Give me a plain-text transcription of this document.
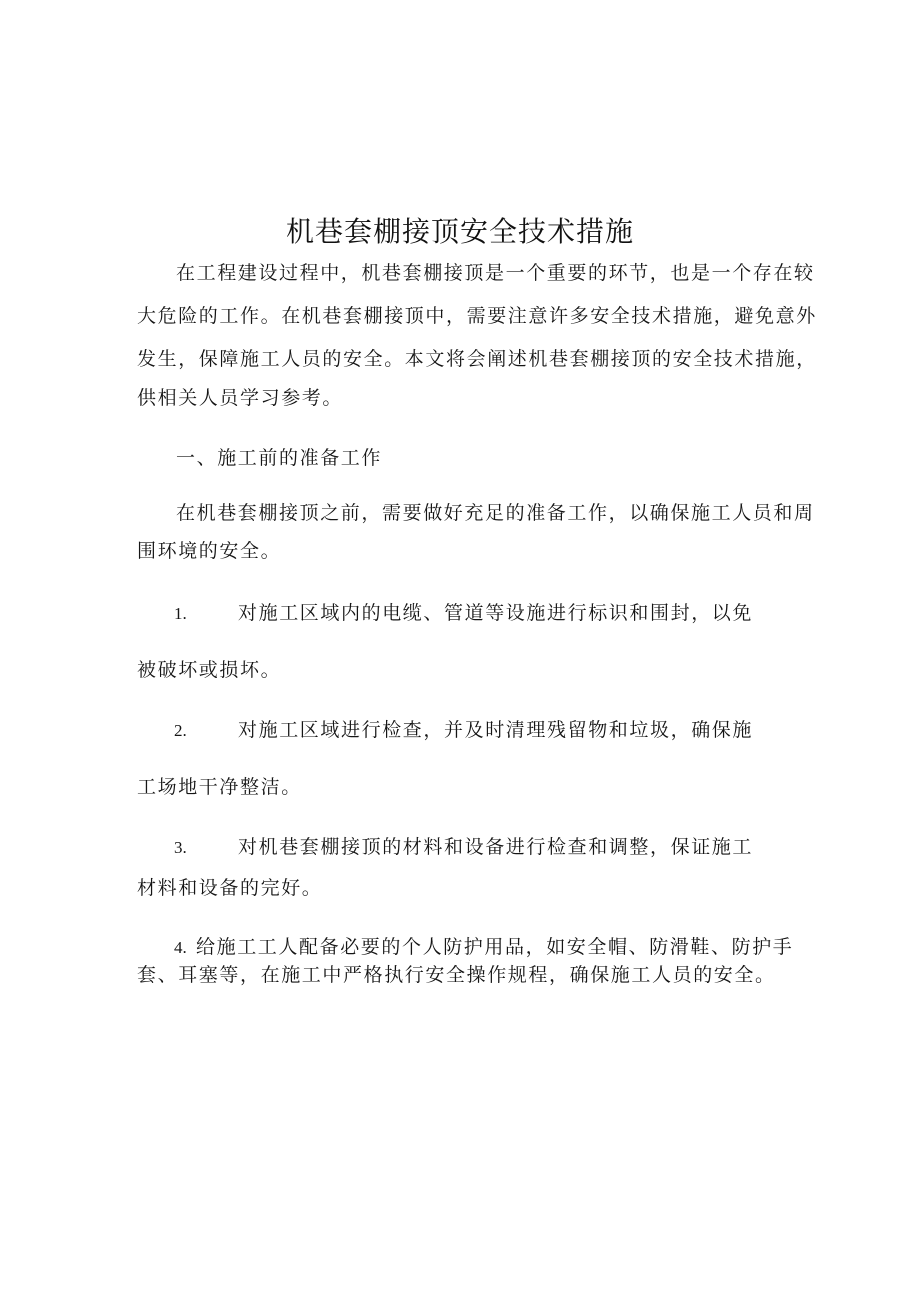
机巷套棚接顶安全技术措施
在工程建设过程中，机巷套棚接顶是一个重要的环节，也是一个存在较
大危险的工作。在机巷套棚接顶中，需要注意许多安全技术措施，避免意外
发生，保障施工人员的安全。本文将会阐述机巷套棚接顶的安全技术措施，
供相关人员学习参考。
一、施工前的准备工作
在机巷套棚接顶之前，需要做好充足的准备工作，以确保施工人员和周
围环境的安全。
1.	对施工区域内的电缆、管道等设施进行标识和围封，以免
被破坏或损坏。
2.	对施工区域进行检查，并及时清理残留物和垃圾，确保施
工场地干净整洁。
3.	对机巷套棚接顶的材料和设备进行检查和调整，保证施工
材料和设备的完好。
4. 给施工工人配备必要的个人防护用品，如安全帽、防滑鞋、防护手
套、耳塞等，在施工中严格执行安全操作规程，确保施工人员的安全。
